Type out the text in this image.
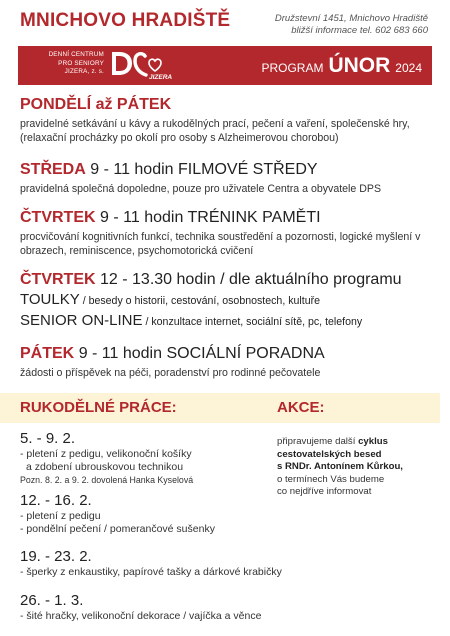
MNICHOVO HRADIŠTĚ	Družstevní 1451, Mnichovo Hradiště
bližší informace tel. 602 683 660
DENNÍ CENTRUM
PRO SENIORY
JIZERA, z. s.
JIZERA
PROGRAM ÚNOR 2024
PONDĚLÍ až PÁTEK
pravidelné setkávání u kávy a rukodělných prací, pečení a vaření, společenské hry, (relaxační procházky po okolí pro osoby s Alzheimerovou chorobou)
STŘEDA 9 - 11 hodin FILMOVÉ STŘEDY
pravidelná společná dopoledne, pouze pro uživatele Centra a obyvatele DPS
ČTVRTEK 9 - 11 hodin TRÉNINK PAMĚTI
procvičování kognitivních funkcí, technika soustředění a pozornosti, logické myšlení v obrazech, reminiscence, psychomotorická cvičení
ČTVRTEK 12 - 13.30 hodin / dle aktuálního programu
TOULKY / besedy o historii, cestování, osobnostech, kultuře
SENIOR ON-LINE / konzultace internet, sociální sítě, pc, telefony
PÁTEK 9 - 11 hodin SOCIÁLNÍ PORADNA
žádosti o příspěvek na péči, poradenství pro rodinné pečovatele
RUKODĚLNÉ PRÁCE:	AKCE:
5. - 9. 2.
- pletení z pedigu, velikonoční košíky
a zdobení ubrouskovou technikou
Pozn. 8. 2. a 9. 2. dovolená Hanka Kyselová
12. - 16. 2.
- pletení z pedigu
- pondělní pečení / pomerančové sušenky
19. - 23. 2.
- šperky z enkaustiky, papírové tašky a dárkové krabičky
26. - 1. 3.
- šité hračky, velikonoční dekorace / vajíčka a věnce
připravujeme další cyklus
cestovatelských besed
s RNDr. Antonínem Kůrkou,
o termínech Vás budeme
co nejdříve informovat
